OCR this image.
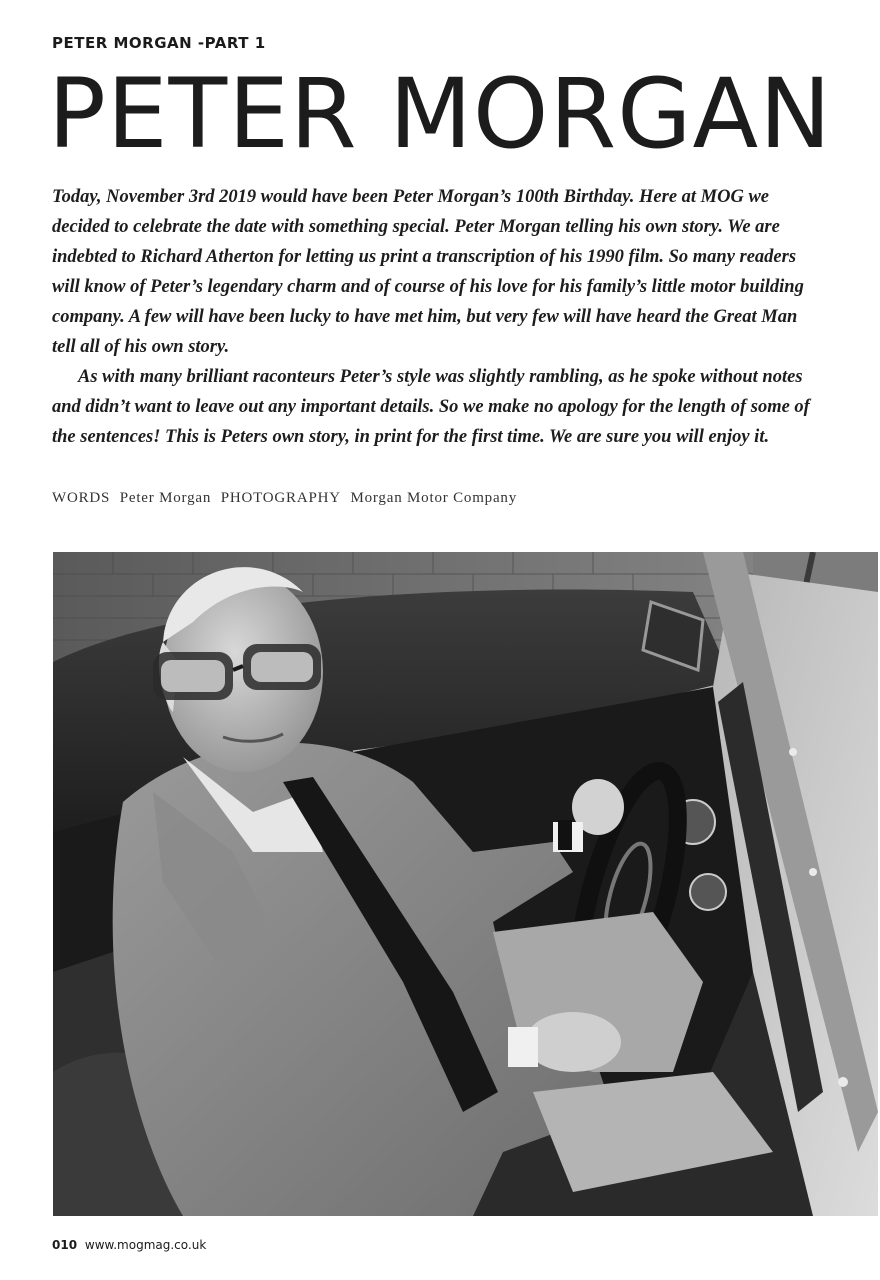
PETER MORGAN -PART 1
PETER MORGAN

Today, November 3rd 2019 would have been Peter Morgan’s 100th Birthday. Here at MOG we decided to celebrate the date with something special. Peter Morgan telling his own story. We are indebted to Richard Atherton for letting us print a transcription of his 1990 film. So many readers will know of Peter’s legendary charm and of course of his love for his family’s little motor building company. A few will have been lucky to have met him, but very few will have heard the Great Man tell all of his own story.

As with many brilliant raconteurs Peter’s style was slightly rambling, as he spoke without notes and didn’t want to leave out any important details. So we make no apology for the length of some of the sentences! This is Peters own story, in print for the first time. We are sure you will enjoy it.

WORDS Peter Morgan PHOTOGRAPHY Morgan Motor Company
010 www.mogmag.co.uk
